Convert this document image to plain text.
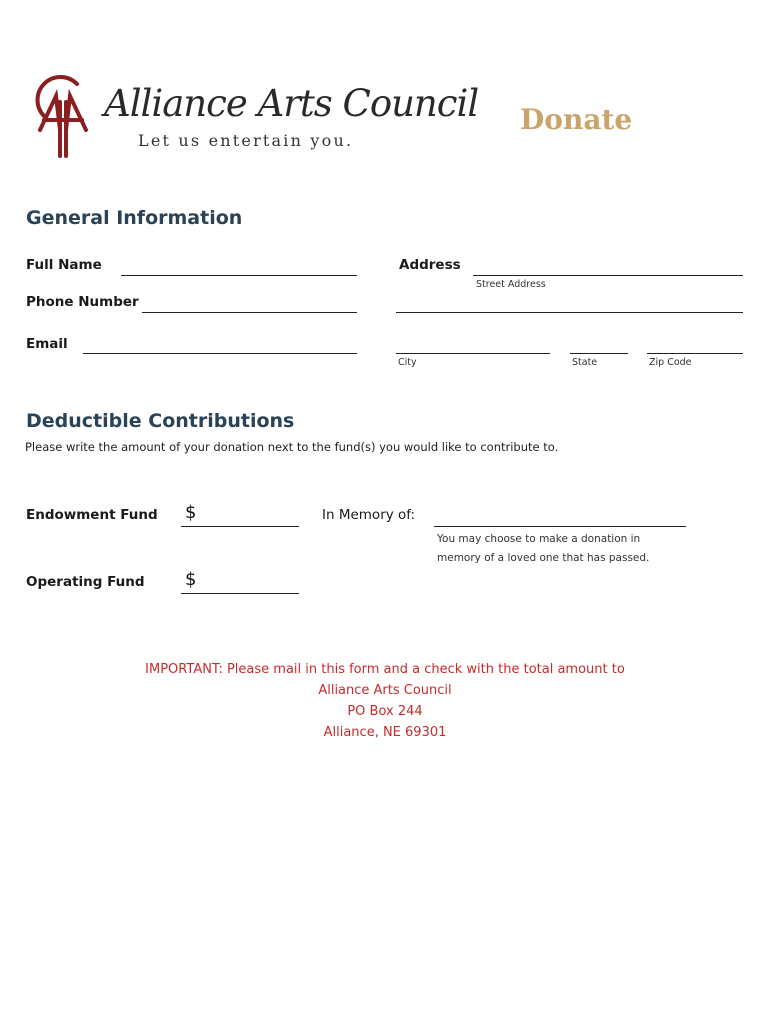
Alliance Arts Council
Let us entertain you.
Donate
General Information
Full Name
Phone Number
Email
Address
Street Address
City	State	Zip Code
Deductible Contributions
Please write the amount of your donation next to the fund(s) you would like to contribute to.
Endowment Fund $	In Memory of:
You may choose to make a donation in memory of a loved one that has passed.
Operating Fund $
IMPORTANT: Please mail in this form and a check with the total amount to
Alliance Arts Council
PO Box 244
Alliance, NE 69301
